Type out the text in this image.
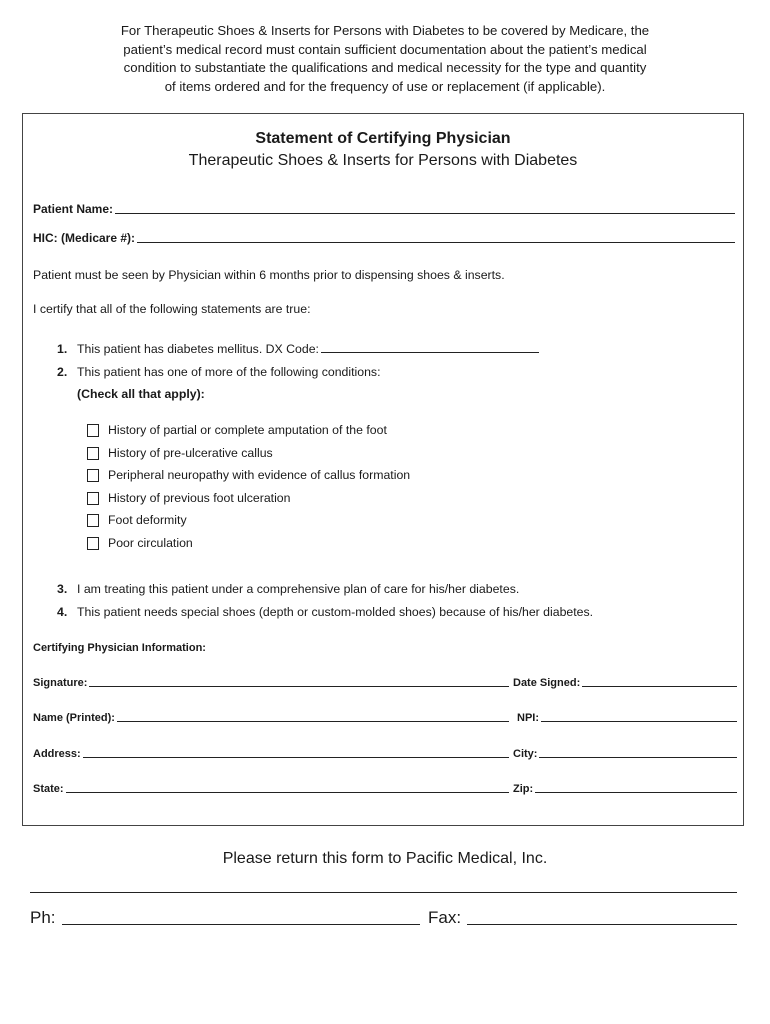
For Therapeutic Shoes & Inserts for Persons with Diabetes to be covered by Medicare, the

patient’s medical record must contain sufficient documentation about the patient’s medical

condition to substantiate the qualifications and medical necessity for the type and quantity

of items ordered and for the frequency of use or replacement (if applicable).

Statement of Certifying Physician
Therapeutic Shoes & Inserts for Persons with Diabetes
Patient Name:
HIC: (Medicare #):
Patient must be seen by Physician within 6 months prior to dispensing shoes & inserts.
I certify that all of the following statements are true:
1. This patient has diabetes mellitus. DX Code:
2. This patient has one of more of the following conditions:
(Check all that apply):
History of partial or complete amputation of the foot
History of pre-ulcerative callus
Peripheral neuropathy with evidence of callus formation
History of previous foot ulceration
Foot deformity
Poor circulation
3. I am treating this patient under a comprehensive plan of care for his/her diabetes.
4. This patient needs special shoes (depth or custom-molded shoes) because of his/her diabetes.
Certifying Physician Information:
Signature:	Date Signed:
Name (Printed):	NPI:
Address:	City:
State:	Zip:
Please return this form to Pacific Medical, Inc.
Ph:	Fax:
